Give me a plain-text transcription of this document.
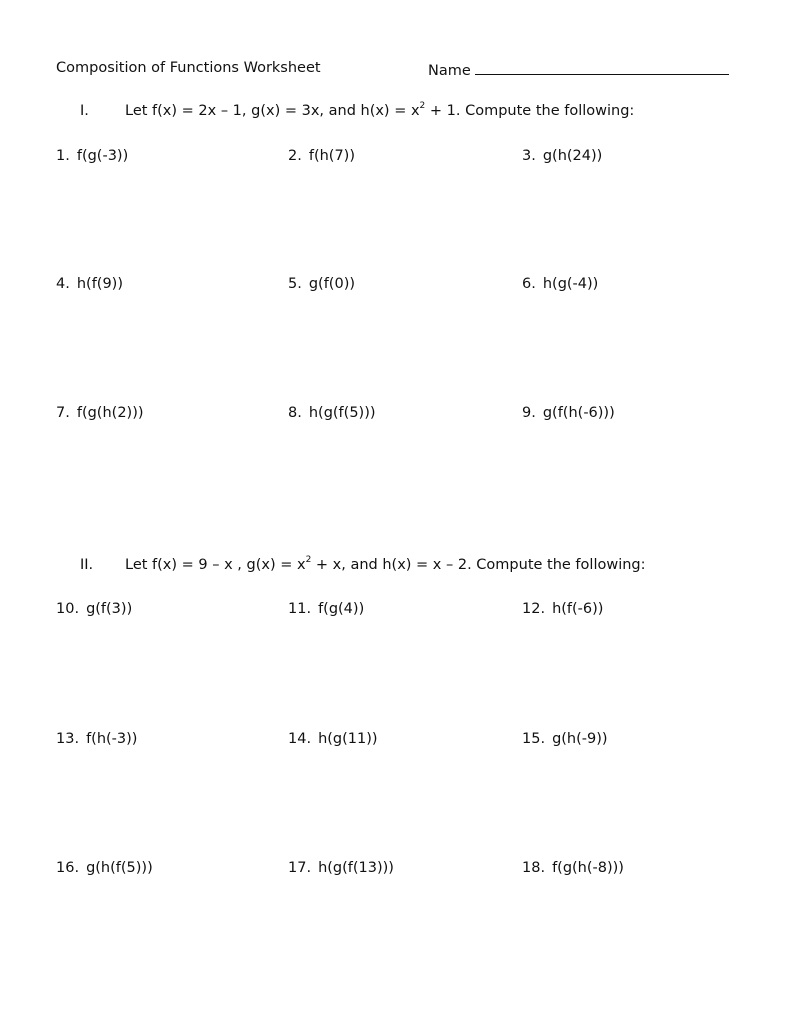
Composition of Functions Worksheet	Name
I. Let f(x) = 2x – 1, g(x) = 3x, and $h(x) = x^2 + 1$. Compute the following:
1. f(g(-3))	2. f(h(7))	3. g(h(24))
4. h(f(9))	5. g(f(0))	6. h(g(-4))
7. f(g(h(2)))	8. h(g(f(5)))	9. g(f(h(-6)))
II. Let f(x) = 9 – x , $g(x) = x^2 + x$, and h(x) = x – 2. Compute the following:
10. g(f(3))	11. f(g(4))	12. h(f(-6))
13. f(h(-3))	14. h(g(11))	15. g(h(-9))
16. g(h(f(5)))	17. h(g(f(13)))	18. f(g(h(-8)))
